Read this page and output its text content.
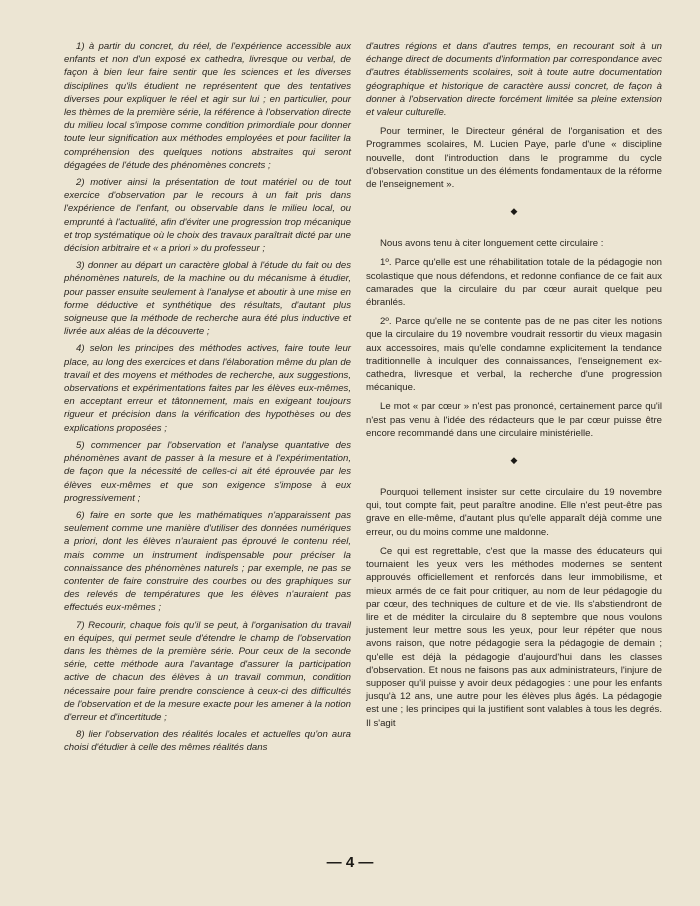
1) à partir du concret, du réel, de l'expérience accessible aux enfants et non d'un exposé ex cathedra, livresque ou verbal, de façon à bien leur faire sentir que les sciences et les diverses disciplines qu'ils étudient ne représentent que des tentatives diverses pour expliquer le réel et agir sur lui ; en particulier, pour les thèmes de la première série, la référence à l'observation directe du milieu local s'impose comme condition primordiale pour donner toute leur signification aux méthodes employées et pour faciliter la compréhension des quelques notions abstraites qui seront dégagées de l'étude des phénomènes concrets ;

2) motiver ainsi la présentation de tout matériel ou de tout exercice d'observation par le recours à un fait pris dans l'expérience de l'enfant, ou observable dans le milieu local, ou emprunté à l'actualité, afin d'éviter une progression trop mécanique et trop systématique où le choix des travaux paraîtrait dicté par une décision arbitraire et « a priori » du professeur ;

3) donner au départ un caractère global à l'étude du fait ou des phénomènes naturels, de la machine ou du mécanisme à étudier, pour passer ensuite seulement à l'analyse et aboutir à une mise en forme déductive et synthétique des résultats, d'autant plus soigneuse que la méthode de recherche aura été plus inductive et livrée aux aléas de la découverte ;

4) selon les principes des méthodes actives, faire toute leur place, au long des exercices et dans l'élaboration même du plan de travail et des moyens et méthodes de recherche, aux suggestions, observations et expérimentations faites par les élèves eux-mêmes, en acceptant erreur et tâtonnement, mais en exigeant toujours rigueur et précision dans la vérification des hypothèses ou des explications proposées ;

5) commencer par l'observation et l'analyse quantative des phénomènes avant de passer à la mesure et à l'expérimentation, de façon que la nécessité de celles-ci ait été éprouvée par les élèves eux-mêmes et que son exigence s'impose à eux progressivement ;

6) faire en sorte que les mathématiques n'apparaissent pas seulement comme une manière d'utiliser des données numériques a priori, dont les élèves n'auraient pas éprouvé le contenu réel, mais comme un instrument indispensable pour préciser la connaissance des phénomènes naturels ; par exemple, ne pas se contenter de faire construire des courbes ou des graphiques sur des relevés de températures que les élèves n'auraient pas effectués eux-mêmes ;

7) Recourir, chaque fois qu'il se peut, à l'organisation du travail en équipes, qui permet seule d'étendre le champ de l'observation dans les thèmes de la première série. Pour ceux de la seconde série, cette méthode aura l'avantage d'assurer la participation active de chacun des élèves à un travail commun, condition nécessaire pour faire prendre conscience à ceux-ci des difficultés de l'observation et de la mesure exacte pour les amener à la notion d'erreur et d'incertitude ;

8) lier l'observation des réalités locales et actuelles qu'on aura choisi d'étudier à celle des mêmes réalités dans

d'autres régions et dans d'autres temps, en recourant soit à un échange direct de documents d'information par correspondance avec d'autres établissements scolaires, soit à toute autre documentation géographique et historique de caractère aussi concret, de façon à donner à l'observation directe forcément limitée sa pleine extension et valeur culturelle.

Pour terminer, le Directeur général de l'organisation et des Programmes scolaires, M. Lucien Paye, parle d'une « discipline nouvelle, dont l'introduction dans le programme du cycle d'observation constitue un des éléments fondamentaux de la réforme de l'enseignement ».

◆

Nous avons tenu à citer longuement cette circulaire :

1º. Parce qu'elle est une réhabilitation totale de la pédagogie non scolastique que nous défendons, et redonne confiance de ce fait aux camarades que la circulaire du par cœur aurait quelque peu ébranlés.

2º. Parce qu'elle ne se contente pas de ne pas citer les notions que la circulaire du 19 novembre voudrait ressortir du vieux magasin aux accessoires, mais qu'elle condamne explicitement la tendance traditionnelle à inculquer des connaissances, l'enseignement ex-cathedra, livresque et verbal, la recherche d'une progression mécanique.

Le mot « par cœur » n'est pas prononcé, certainement parce qu'il n'est pas venu à l'idée des rédacteurs que le par cœur puisse être encore recommandé dans une circulaire ministérielle.

◆

Pourquoi tellement insister sur cette circulaire du 19 novembre qui, tout compte fait, peut paraître anodine. Elle n'est peut-être pas grave en elle-même, d'autant plus qu'elle apparaît déjà comme une erreur, ou du moins comme une maldonne.

Ce qui est regrettable, c'est que la masse des éducateurs qui tournaient les yeux vers les méthodes modernes se sentent approuvés officiellement et renforcés dans leur immobilisme, et mieux armés de ce fait pour critiquer, au nom de leur pédagogie du par cœur, des techniques de culture et de vie. Ils s'abstiendront de lire et de méditer la circulaire du 8 septembre que nous voulons justement leur mettre sous les yeux, pour leur répéter que nous avons raison, que notre pédagogie sera la pédagogie de demain ; qu'elle est déjà la pédagogie d'aujourd'hui dans les classes d'observation. Et nous ne faisons pas aux administrateurs, l'injure de supposer qu'il puisse y avoir deux pédagogies : une pour les enfants jusqu'à 12 ans, une autre pour les élèves plus âgés. La pédagogie est une ; les principes qui la justifient sont valables à tous les degrés. Il s'agit

— 4 —
